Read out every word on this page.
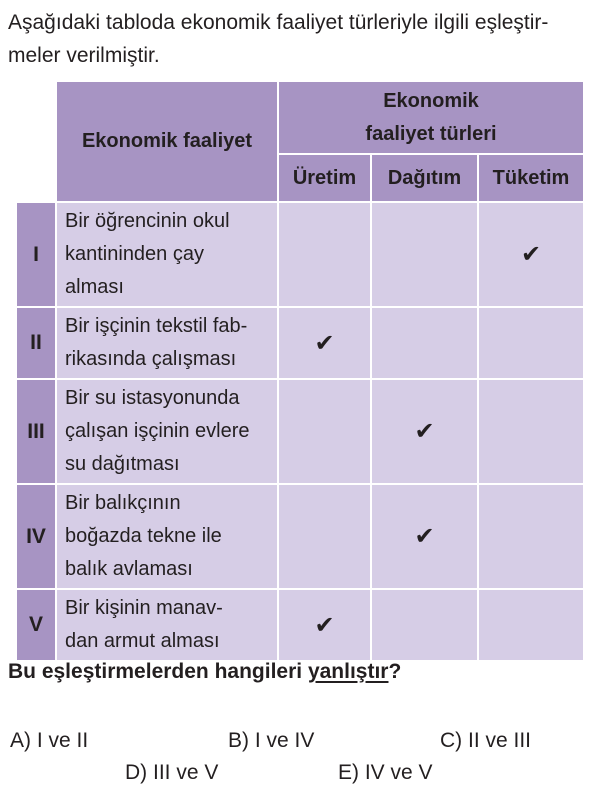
Aşağıdaki tabloda ekonomik faaliyet türleriyle ilgili eşleştir-
meler verilmiştir.
	Ekonomik faaliyet	Ekonomik
faaliyet türleri		

		Üretim	Dağıtım	Tüketim
I	Bir öğrencinin okul
kantininden çay
alması			✔
II	Bir işçinin tekstil fab-
rikasında çalışması	✔		
III	Bir su istasyonunda
çalışan işçinin evlere
su dağıtması		✔	
IV	Bir balıkçının
boğazda tekne ile
balık avlaması		✔	
V	Bir kişinin manav-
dan armut alması	✔		
Bu eşleştirmelerden hangileri yanlıştır?
A) I ve II	B) I ve IV	C) II ve III
D) III ve V	E) IV ve V
